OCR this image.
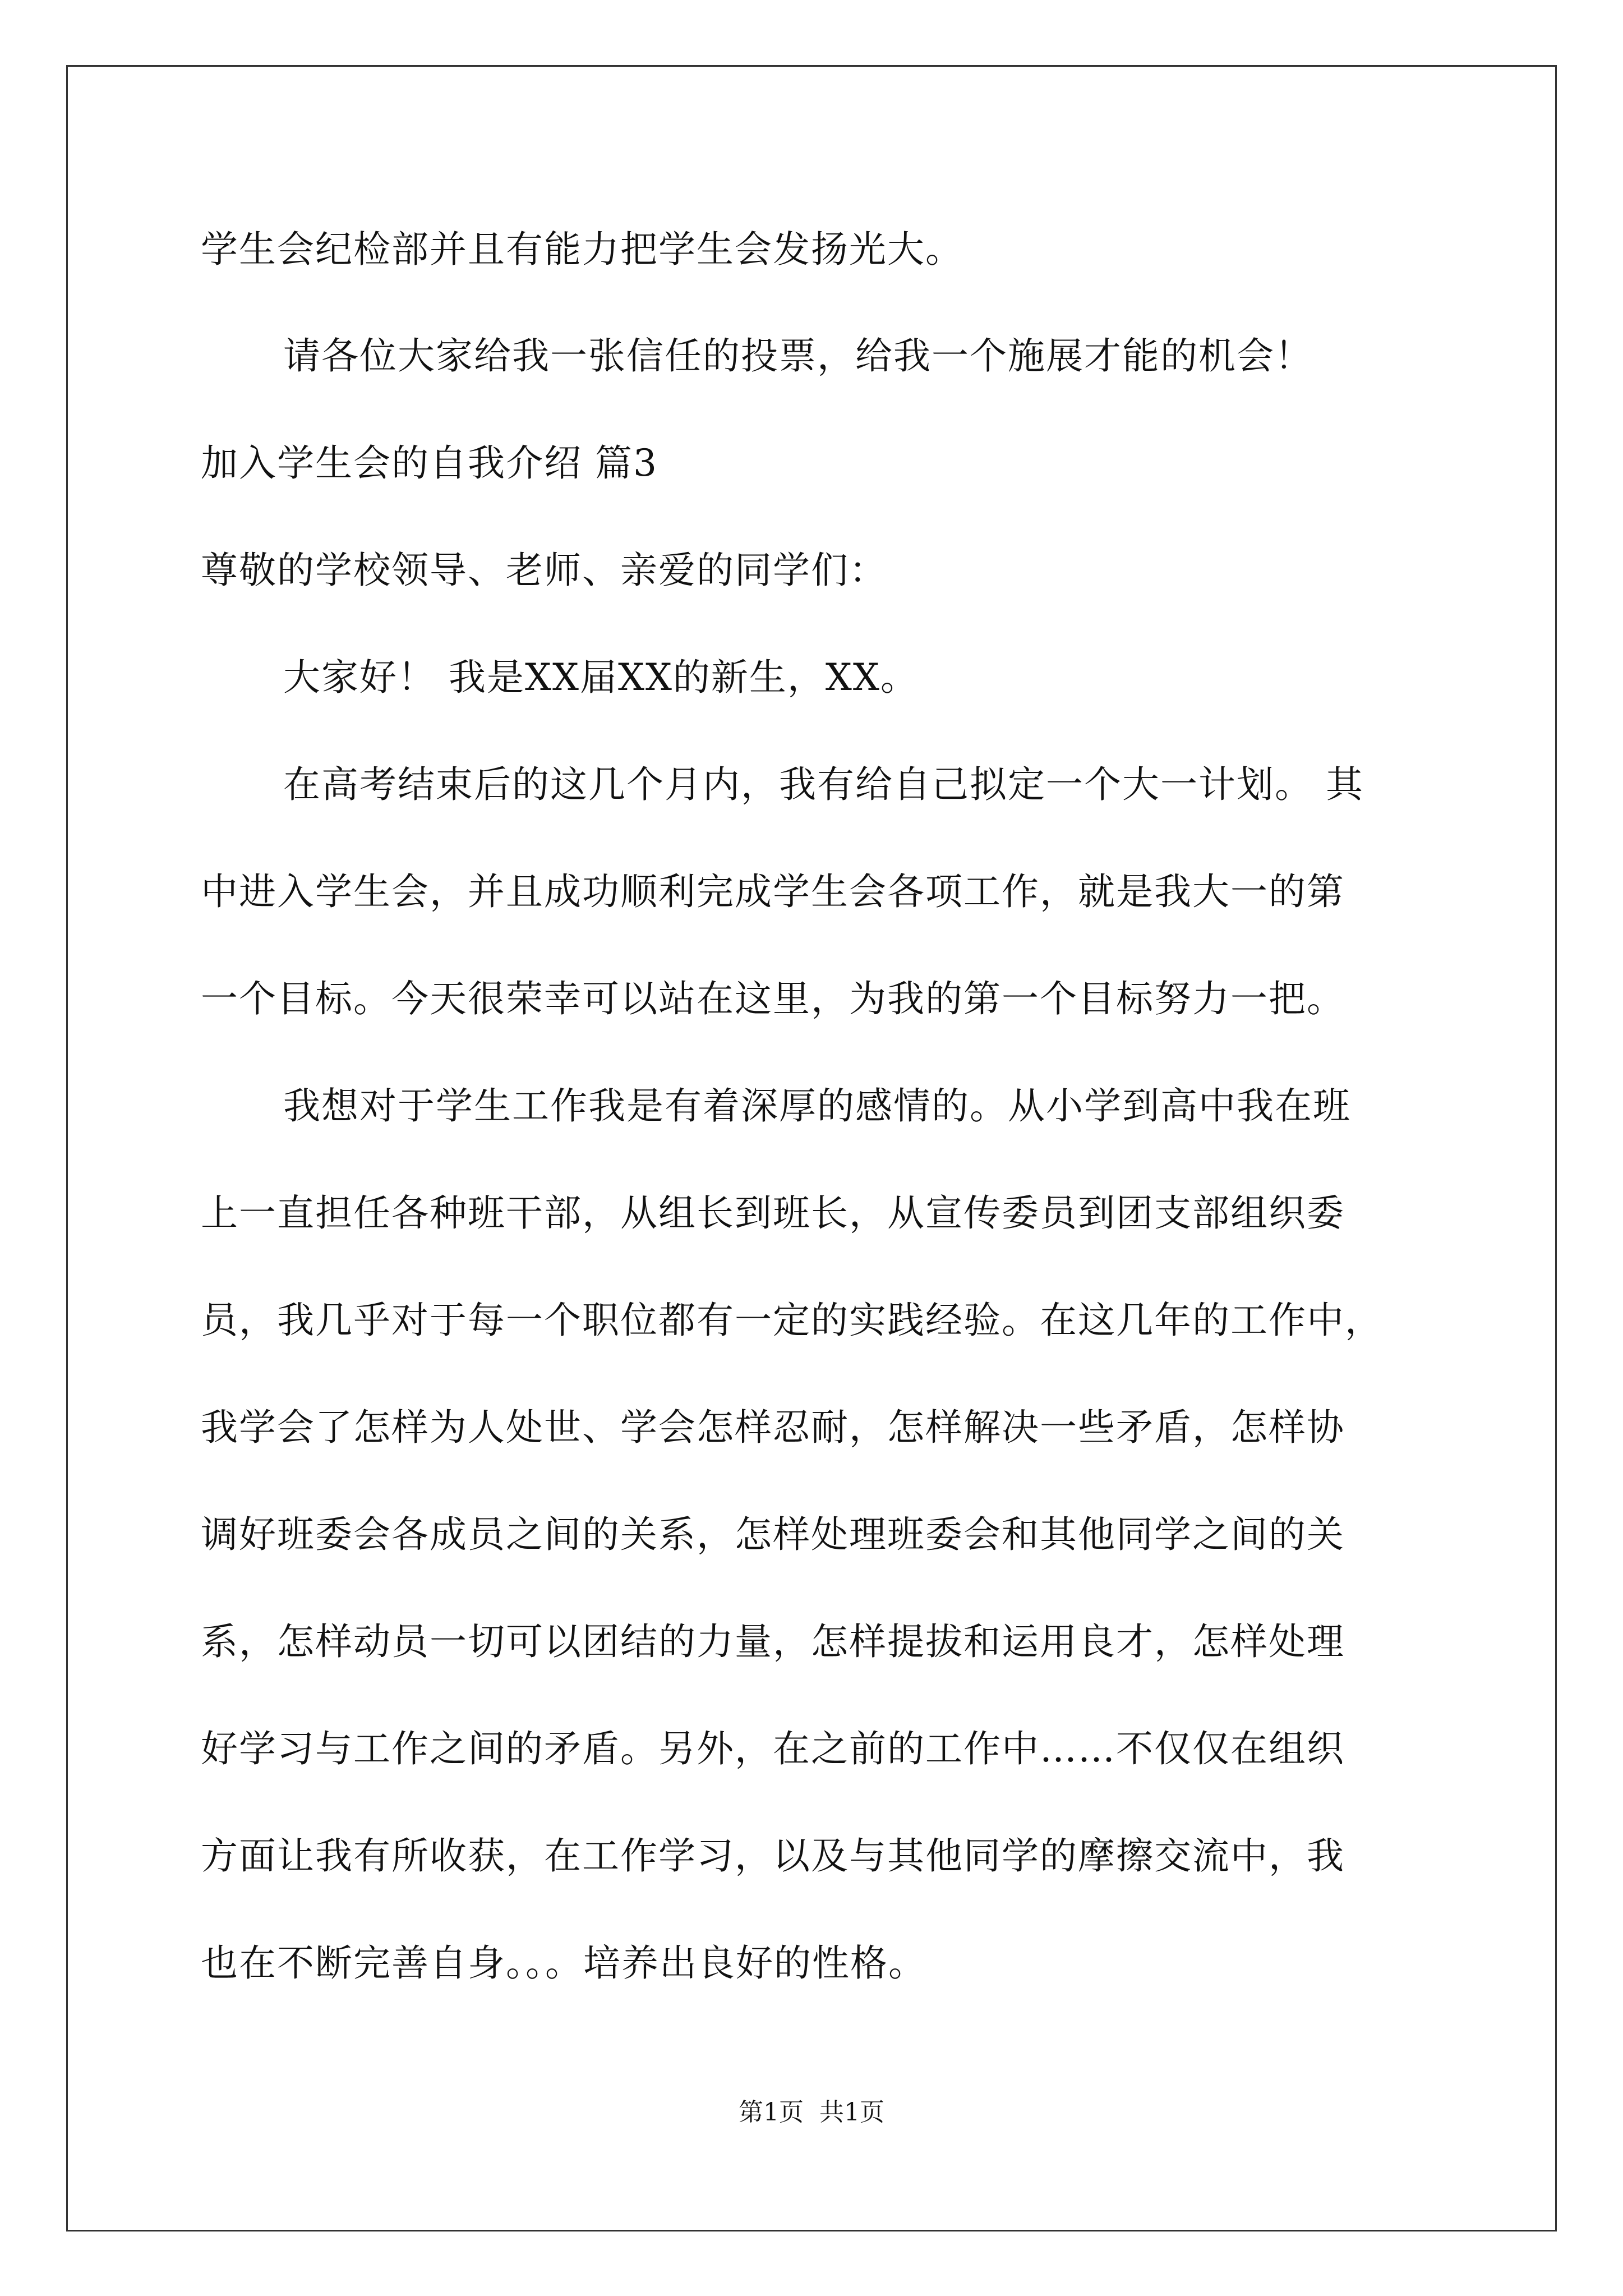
学生会纪检部并且有能力把学生会发扬光大。
请各位大家给我一张信任的投票，给我一个施展才能的机会！
加入学生会的自我介绍 篇3
尊敬的学校领导、老师、亲爱的同学们：
大家好！ 我是XX届XX的新生，XX。
在高考结束后的这几个月内，我有给自己拟定一个大一计划。 其
中进入学生会，并且成功顺利完成学生会各项工作，就是我大一的第
一个目标。今天很荣幸可以站在这里，为我的第一个目标努力一把。
我想对于学生工作我是有着深厚的感情的。从小学到高中我在班
上一直担任各种班干部，从组长到班长，从宣传委员到团支部组织委
员，我几乎对于每一个职位都有一定的实践经验。在这几年的工作中，
我学会了怎样为人处世、学会怎样忍耐，怎样解决一些矛盾，怎样协
调好班委会各成员之间的关系，怎样处理班委会和其他同学之间的关
系，怎样动员一切可以团结的力量，怎样提拔和运用良才，怎样处理
好学习与工作之间的矛盾。另外，在之前的工作中……不仅仅在组织
方面让我有所收获，在工作学习，以及与其他同学的摩擦交流中，我
也在不断完善自身。。。培养出良好的性格。
第1页  共1页
